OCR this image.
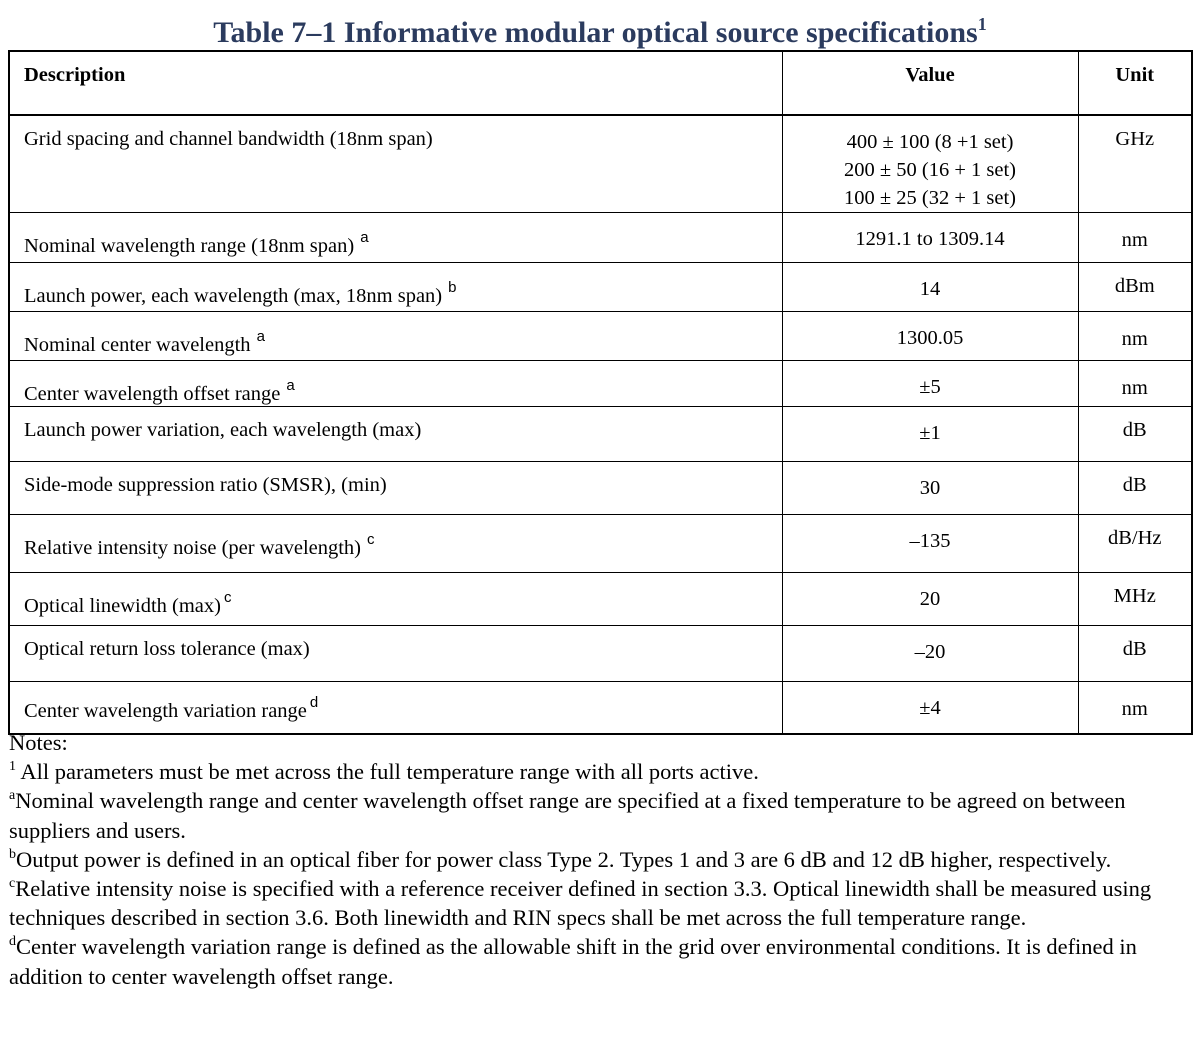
Table 7–1 Informative modular optical source specifications$^1$
Description	Value	Unit
Grid spacing and channel bandwidth (18nm span)	400 ± 100 (8 +1 set)
200 ± 50 (16 + 1 set)
100 ± 25 (32 + 1 set)	GHz
Nominal wavelength range (18nm span) $^a$	1291.1 to 1309.14	nm
Launch power, each wavelength (max, 18nm span) $^b$	14	dBm
Nominal center wavelength $^a$	1300.05	nm
Center wavelength offset range $^a$	±5	nm
Launch power variation, each wavelength (max)	±1	dB
Side-mode suppression ratio (SMSR), (min)	30	dB
Relative intensity noise (per wavelength) $^c$	–135	dB/Hz
Optical linewidth (max) $^c$	20	MHz
Optical return loss tolerance (max)	–20	dB
Center wavelength variation range $^d$	±4	nm

Notes:

$^1$ All parameters must be met across the full temperature range with all ports active.

$^a$Nominal wavelength range and center wavelength offset range are specified at a fixed temperature to be agreed on between suppliers and users.

$^b$Output power is defined in an optical fiber for power class Type 2. Types 1 and 3 are 6 dB and 12 dB higher, respectively.

$^c$Relative intensity noise is specified with a reference receiver defined in section 3.3. Optical linewidth shall be measured using techniques described in section 3.6. Both linewidth and RIN specs shall be met across the full temperature range.

$^d$Center wavelength variation range is defined as the allowable shift in the grid over environmental conditions. It is defined in addition to center wavelength offset range.
